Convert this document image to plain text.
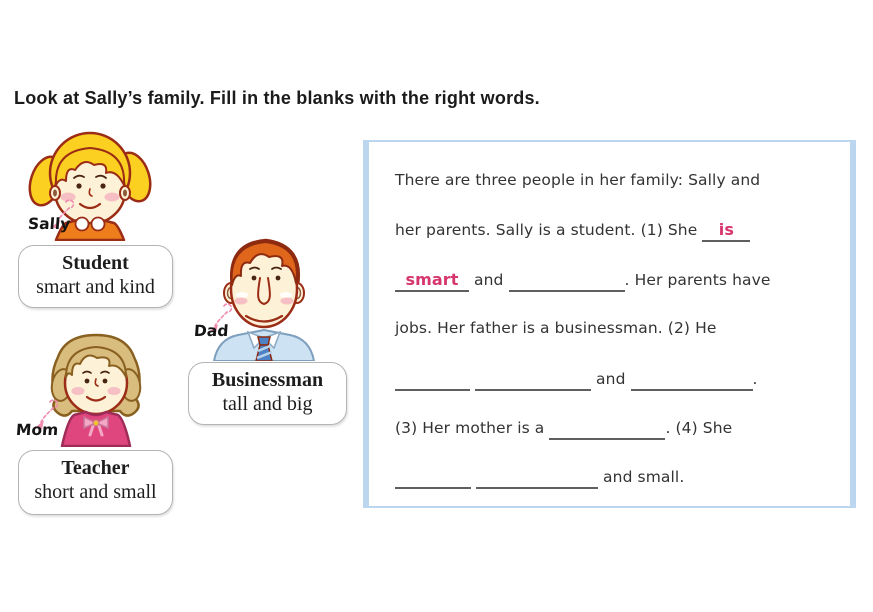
Look at Sally’s family. Fill in the blanks with the right words.
Sally
Dad
Mom
Student
smart and kind
Businessman
tall and big
Teacher
short and small
There are three people in her family: Sally and
her parents. Sally is a student. (1) She	is
smart and
	. Her parents have
jobs. Her father is a businessman. (2) He

and
	.
(3) Her mother is a
	. (4) She

and small.
